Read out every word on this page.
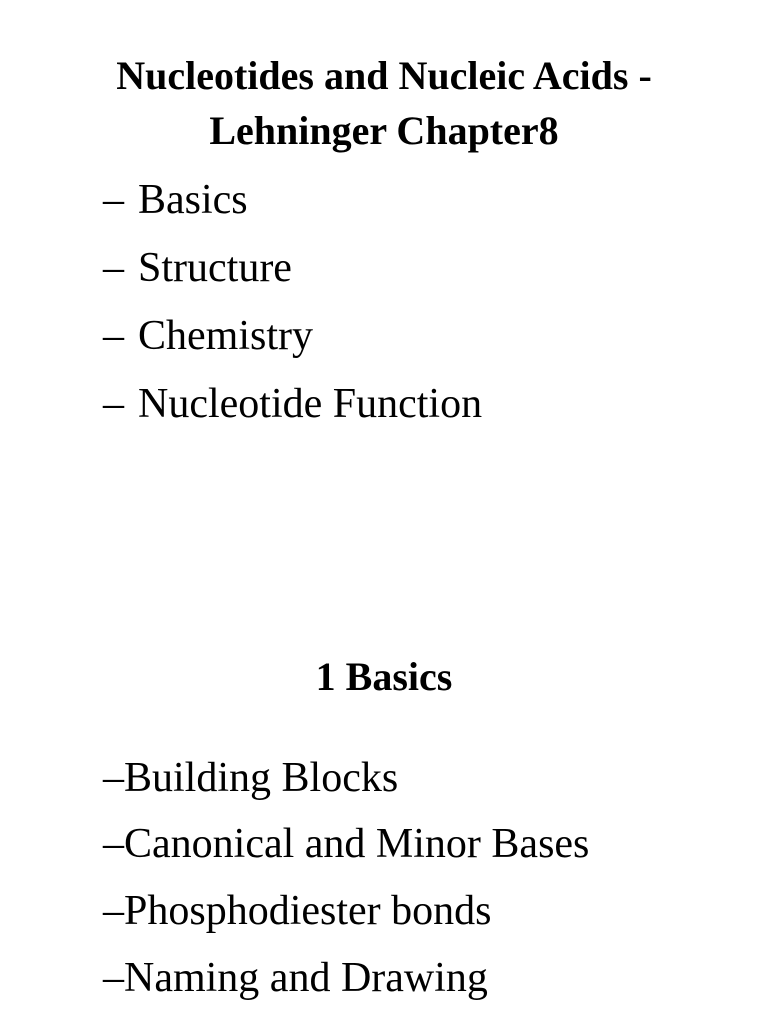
Nucleotides and Nucleic Acids -
Lehninger Chapter8
– Basics
– Structure
– Chemistry
– Nucleotide Function
1 Basics
–Building Blocks
–Canonical and Minor Bases
–Phosphodiester bonds
–Naming and Drawing
